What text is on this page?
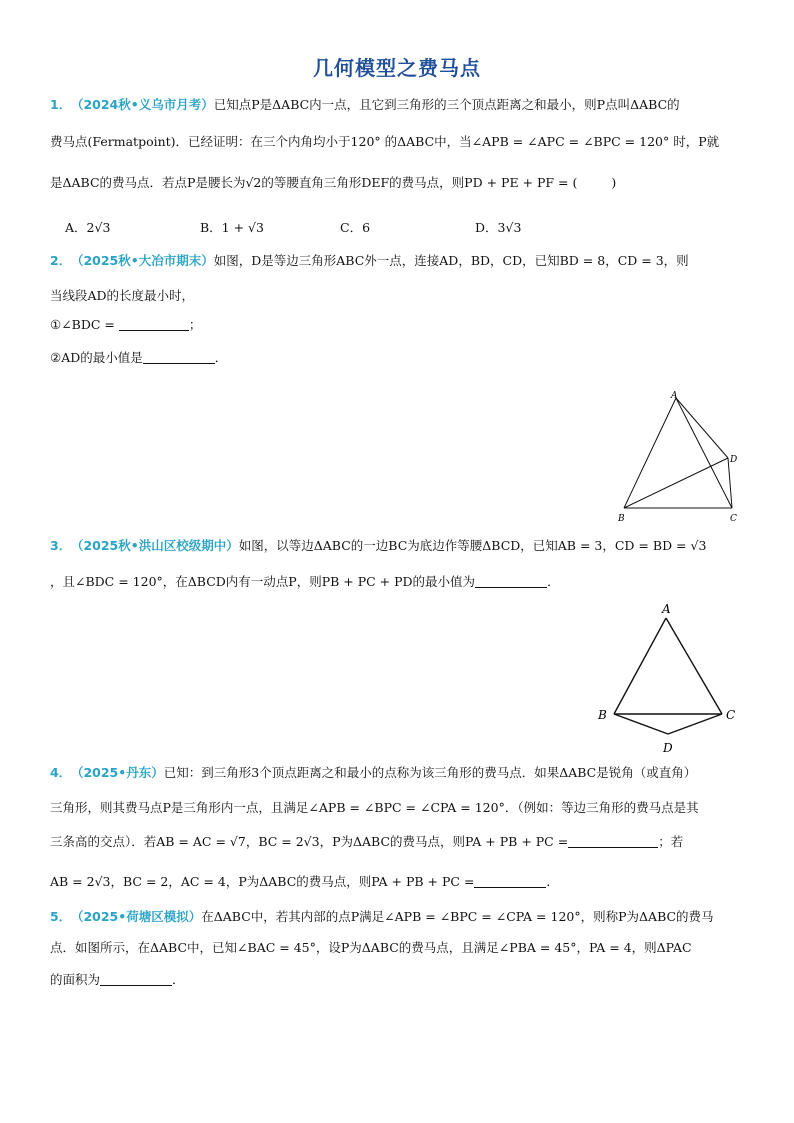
几何模型之费马点
1． （2024秋•义乌市月考）已知点P是ΔABC内一点，且它到三角形的三个顶点距离之和最小，则P点叫ΔABC的
费马点(Fermatpoint)．已经证明：在三个内角均小于120° 的ΔABC中，当∠APB = ∠APC = ∠BPC = 120° 时，P就
是ΔABC的费马点．若点P是腰长为√2的等腰直角三角形DEF的费马点，则PD + PE + PF = (	)
A．2√3	B．1 + √3	C．6	D．3√3
2． （2025秋•大冶市期末）如图，D是等边三角形ABC外一点，连接AD，BD，CD，已知BD = 8，CD = 3，则
当线段AD的长度最小时，
①∠BDC =	；
②AD的最小值是	．
A
B	C
D
3． （2025秋•洪山区校级期中）如图，以等边ΔABC的一边BC为底边作等腰ΔBCD，已知AB = 3，CD = BD = √3
，且∠BDC = 120°，在ΔBCD内有一动点P，则PB + PC + PD的最小值为	．
A
B	C
D
4． （2025•丹东）已知：到三角形3个顶点距离之和最小的点称为该三角形的费马点．如果ΔABC是锐角（或直角）
三角形，则其费马点P是三角形内一点，且满足∠APB = ∠BPC = ∠CPA = 120°．（例如：等边三角形的费马点是其
三条高的交点）．若AB = AC = √7，BC = 2√3，P为ΔABC的费马点，则PA + PB + PC =	；若
AB = 2√3，BC = 2，AC = 4，P为ΔABC的费马点，则PA + PB + PC =	．
5． （2025•荷塘区模拟）在ΔABC中，若其内部的点P满足∠APB = ∠BPC = ∠CPA = 120°，则称P为ΔABC的费马
点．如图所示，在ΔABC中，已知∠BAC = 45°，设P为ΔABC的费马点，且满足∠PBA = 45°，PA = 4，则ΔPAC
的面积为	．
